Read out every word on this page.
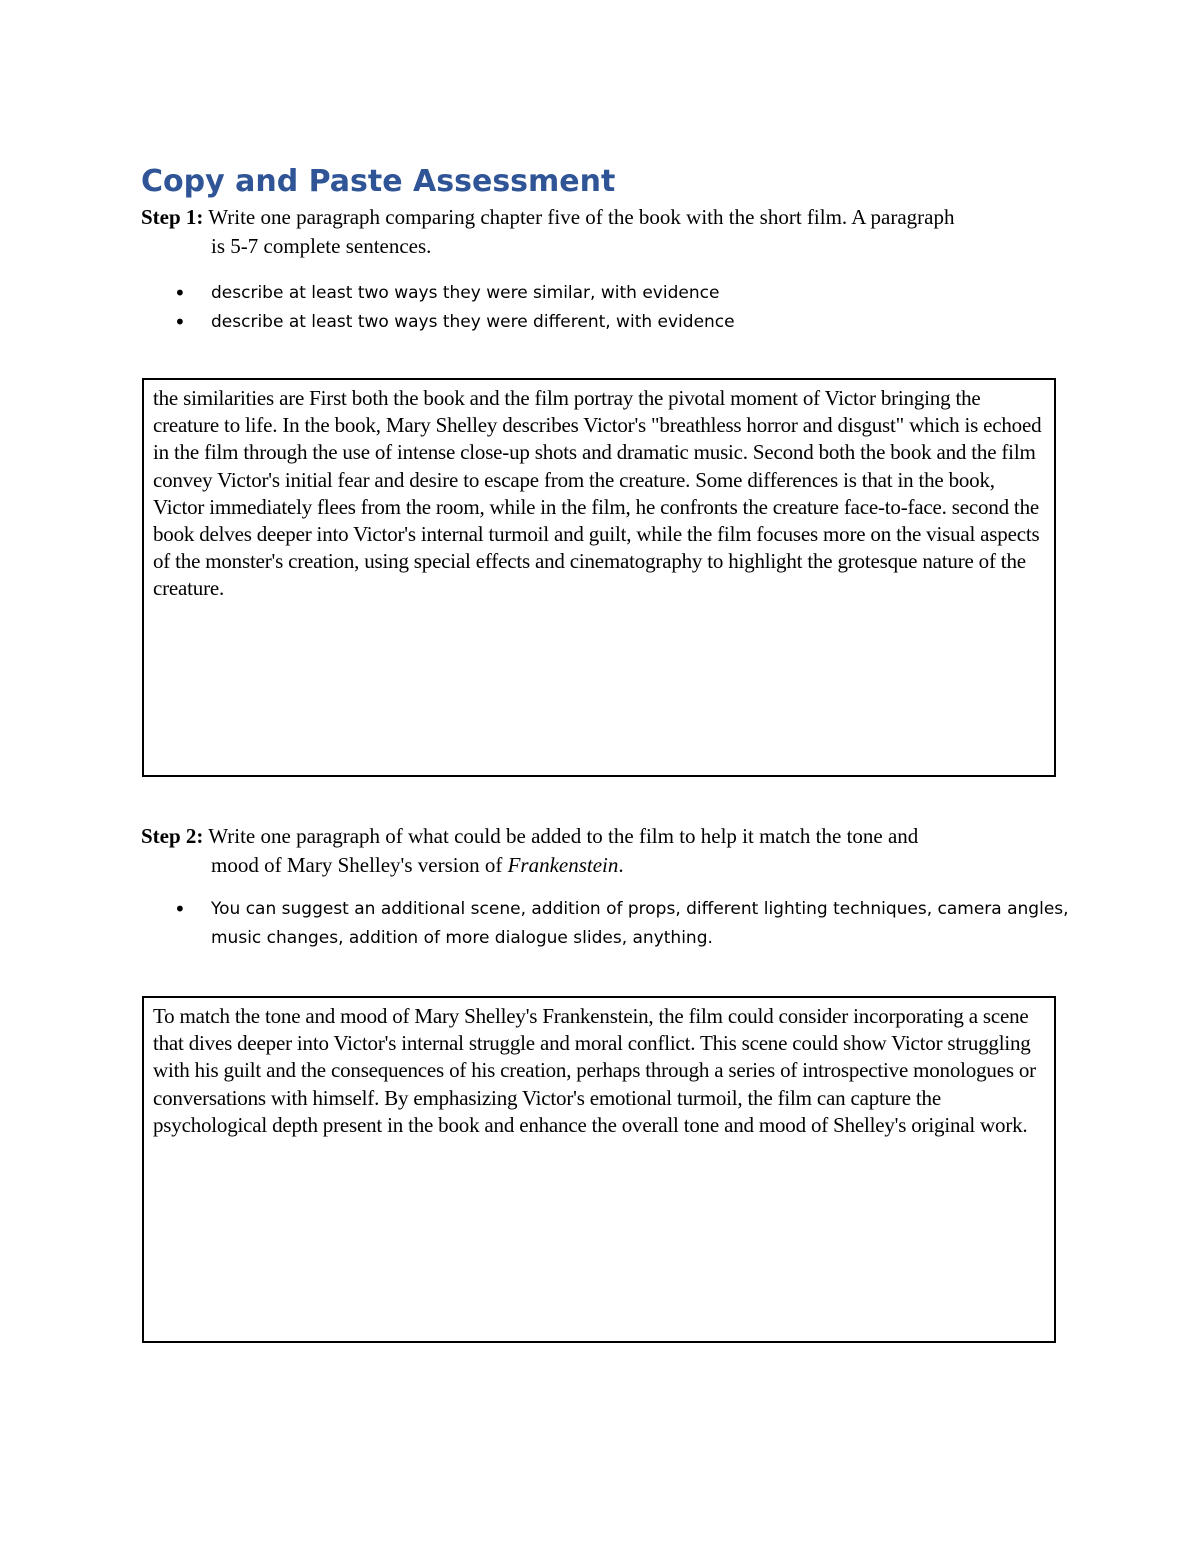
Copy and Paste Assessment
Step 1: Write one paragraph comparing chapter five of the book with the short film. A paragraph
is 5-7 complete sentences.
• describe at least two ways they were similar, with evidence
• describe at least two ways they were different, with evidence

the similarities are First both the book and the film portray the pivotal moment of Victor bringing the creature to life. In the book, Mary Shelley describes Victor's "breathless horror and disgust" which is echoed in the film through the use of intense close-up shots and dramatic music. Second both the book and the film convey Victor's initial fear and desire to escape from the creature. Some differences is that in the book, Victor immediately flees from the room, while in the film, he confronts the creature face-to-face. second the book delves deeper into Victor's internal turmoil and guilt, while the film focuses more on the visual aspects of the monster's creation, using special effects and cinematography to highlight the grotesque nature of the creature.

Step 2: Write one paragraph of what could be added to the film to help it match the tone and
mood of Mary Shelley's version of Frankenstein.
• You can suggest an additional scene, addition of props, different lighting techniques, camera angles, music changes, addition of more dialogue slides, anything.

To match the tone and mood of Mary Shelley's Frankenstein, the film could consider incorporating a scene that dives deeper into Victor's internal struggle and moral conflict. This scene could show Victor struggling with his guilt and the consequences of his creation, perhaps through a series of introspective monologues or conversations with himself. By emphasizing Victor's emotional turmoil, the film can capture the psychological depth present in the book and enhance the overall tone and mood of Shelley's original work.
